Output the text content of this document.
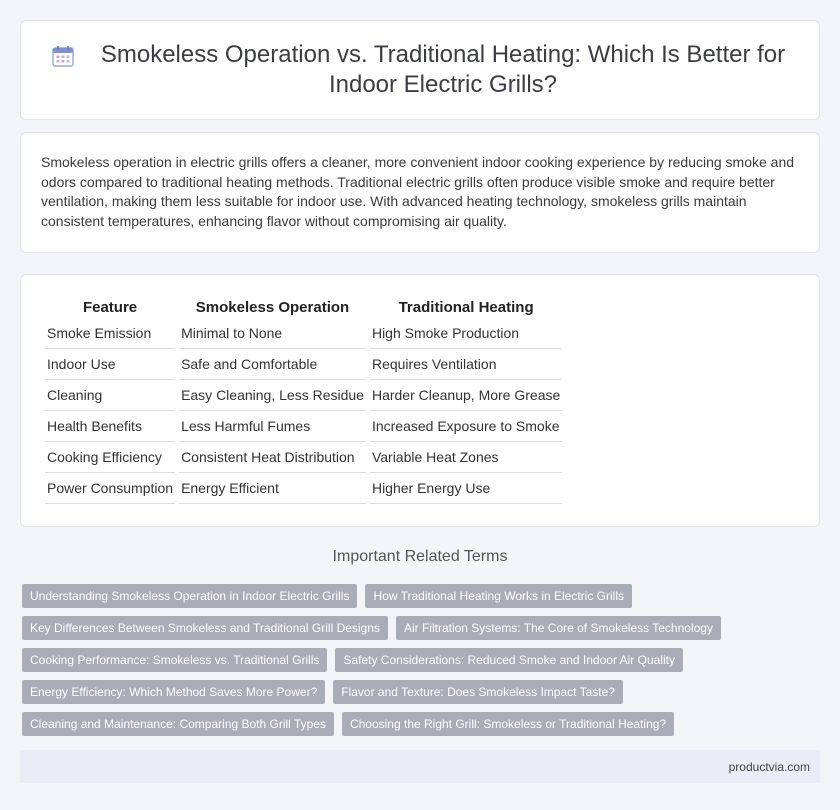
Smokeless Operation vs. Traditional Heating: Which Is Better for Indoor Electric Grills?

Smokeless operation in electric grills offers a cleaner, more convenient indoor cooking experience by reducing smoke and odors compared to traditional heating methods. Traditional electric grills often produce visible smoke and require better ventilation, making them less suitable for indoor use. With advanced heating technology, smokeless grills maintain consistent temperatures, enhancing flavor without compromising air quality.

Feature	Smokeless Operation	Traditional Heating
Smoke Emission	Minimal to None	High Smoke Production
Indoor Use	Safe and Comfortable	Requires Ventilation
Cleaning	Easy Cleaning, Less Residue	Harder Cleanup, More Grease
Health Benefits	Less Harmful Fumes	Increased Exposure to Smoke
Cooking Efficiency	Consistent Heat Distribution	Variable Heat Zones
Power Consumption	Energy Efficient	Higher Energy Use
Important Related Terms
Understanding Smokeless Operation in Indoor Electric Grills	How Traditional Heating Works in Electric Grills
Key Differences Between Smokeless and Traditional Grill Designs	Air Filtration Systems: The Core of Smokeless Technology
Cooking Performance: Smokeless vs. Traditional Grills	Safety Considerations: Reduced Smoke and Indoor Air Quality
Energy Efficiency: Which Method Saves More Power?	Flavor and Texture: Does Smokeless Impact Taste?
Cleaning and Maintenance: Comparing Both Grill Types	Choosing the Right Grill: Smokeless or Traditional Heating?
productvia.com
